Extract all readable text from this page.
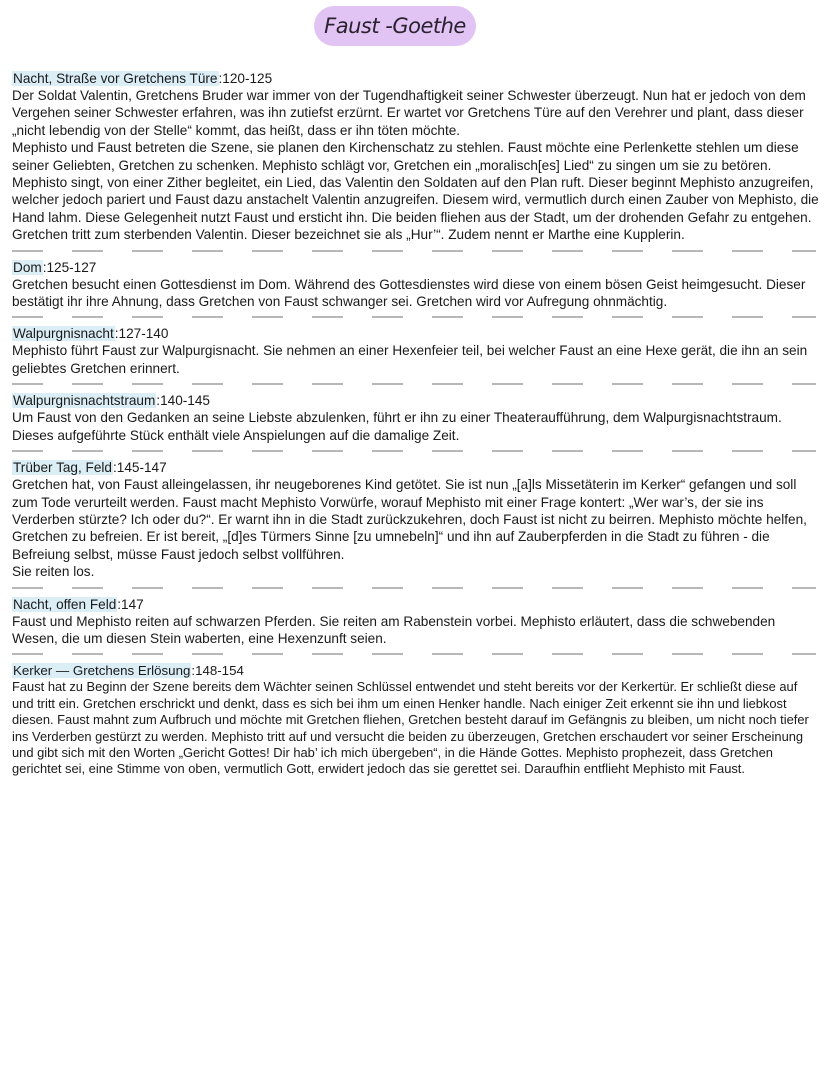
Faust -Goethe

Nacht, Straße vor Gretchens Türe:120-125

Der Soldat Valentin, Gretchens Bruder war immer von der Tugendhaftigkeit seiner Schwester überzeugt. Nun hat er jedoch von dem Vergehen seiner Schwester erfahren, was ihn zutiefst erzürnt. Er wartet vor Gretchens Türe auf den Verehrer und plant, dass dieser „nicht lebendig von der Stelle“ kommt, das heißt, dass er ihn töten möchte.

Mephisto und Faust betreten die Szene, sie planen den Kirchenschatz zu stehlen. Faust möchte eine Perlenkette stehlen um diese seiner Geliebten, Gretchen zu schenken. Mephisto schlägt vor, Gretchen ein „moralisch[es] Lied“ zu singen um sie zu betören.

Mephisto singt, von einer Zither begleitet, ein Lied, das Valentin den Soldaten auf den Plan ruft. Dieser beginnt Mephisto anzugreifen, welcher jedoch pariert und Faust dazu anstachelt Valentin anzugreifen. Diesem wird, vermutlich durch einen Zauber von Mephisto, die Hand lahm. Diese Gelegenheit nutzt Faust und ersticht ihn. Die beiden fliehen aus der Stadt, um der drohenden Gefahr zu entgehen.

Gretchen tritt zum sterbenden Valentin. Dieser bezeichnet sie als „Hur’“. Zudem nennt er Marthe eine Kupplerin.

Dom:125-127

Gretchen besucht einen Gottesdienst im Dom. Während des Gottesdienstes wird diese von einem bösen Geist heimgesucht. Dieser bestätigt ihr ihre Ahnung, dass Gretchen von Faust schwanger sei. Gretchen wird vor Aufregung ohnmächtig.

Walpurgnisnacht:127-140

Mephisto führt Faust zur Walpurgisnacht. Sie nehmen an einer Hexenfeier teil, bei welcher Faust an eine Hexe gerät, die ihn an sein geliebtes Gretchen erinnert.

Walpurgnisnachtstraum:140-145

Um Faust von den Gedanken an seine Liebste abzulenken, führt er ihn zu einer Theateraufführung, dem Walpurgisnachtstraum. Dieses aufgeführte Stück enthält viele Anspielungen auf die damalige Zeit.

Trüber Tag, Feld:145-147

Gretchen hat, von Faust alleingelassen, ihr neugeborenes Kind getötet. Sie ist nun „[a]ls Missetäterin im Kerker“ gefangen und soll zum Tode verurteilt werden. Faust macht Mephisto Vorwürfe, worauf Mephisto mit einer Frage kontert: „Wer war’s, der sie ins Verderben stürzte? Ich oder du?“. Er warnt ihn in die Stadt zurückzukehren, doch Faust ist nicht zu beirren. Mephisto möchte helfen, Gretchen zu befreien. Er ist bereit, „[d]es Türmers Sinne [zu umnebeln]“ und ihn auf Zauberpferden in die Stadt zu führen - die Befreiung selbst, müsse Faust jedoch selbst vollführen.

Sie reiten los.

Nacht, offen Feld:147

Faust und Mephisto reiten auf schwarzen Pferden. Sie reiten am Rabenstein vorbei. Mephisto erläutert, dass die schwebenden Wesen, die um diesen Stein waberten, eine Hexenzunft seien.

Kerker — Gretchens Erlösung:148-154

Faust hat zu Beginn der Szene bereits dem Wächter seinen Schlüssel entwendet und steht bereits vor der Kerkertür. Er schließt diese auf und tritt ein. Gretchen erschrickt und denkt, dass es sich bei ihm um einen Henker handle. Nach einiger Zeit erkennt sie ihn und liebkost diesen. Faust mahnt zum Aufbruch und möchte mit Gretchen fliehen, Gretchen besteht darauf im Gefängnis zu bleiben, um nicht noch tiefer ins Verderben gestürzt zu werden. Mephisto tritt auf und versucht die beiden zu überzeugen, Gretchen erschaudert vor seiner Erscheinung und gibt sich mit den Worten „Gericht Gottes! Dir hab’ ich mich übergeben“, in die Hände Gottes. Mephisto prophezeit, dass Gretchen gerichtet sei, eine Stimme von oben, vermutlich Gott, erwidert jedoch das sie gerettet sei. Daraufhin entflieht Mephisto mit Faust.
